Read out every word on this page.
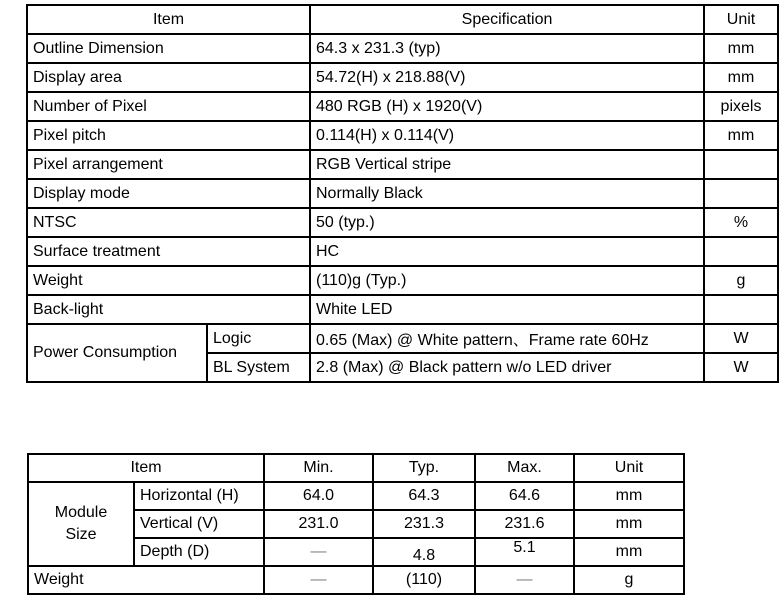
Item		Specification	Unit
Outline Dimension		64.3 x 231.3 (typ)	mm
Display area		54.72(H) x 218.88(V)	mm
Number of Pixel		480 RGB (H) x 1920(V)	pixels
Pixel pitch		0.114(H) x 0.114(V)	mm
Pixel arrangement		RGB Vertical stripe	
Display mode		Normally Black	
NTSC		50 (typ.)	%
Surface treatment		HC	
Weight		(110)g (Typ.)	g
Back-light		White LED	
Power Consumption	Logic	0.65 (Max) @ White pattern、Frame rate 60Hz	W
	BL System	2.8 (Max) @ Black pattern w/o LED driver	W
Item		Min.	Typ.	Max.	Unit

Module Size	Horizontal (H)	64.0	64.3	64.6	mm
	Vertical (V)	231.0	231.3	231.6	mm
	Depth (D)	—	4.8	5.1	mm
Weight		—	(110)	—	g
